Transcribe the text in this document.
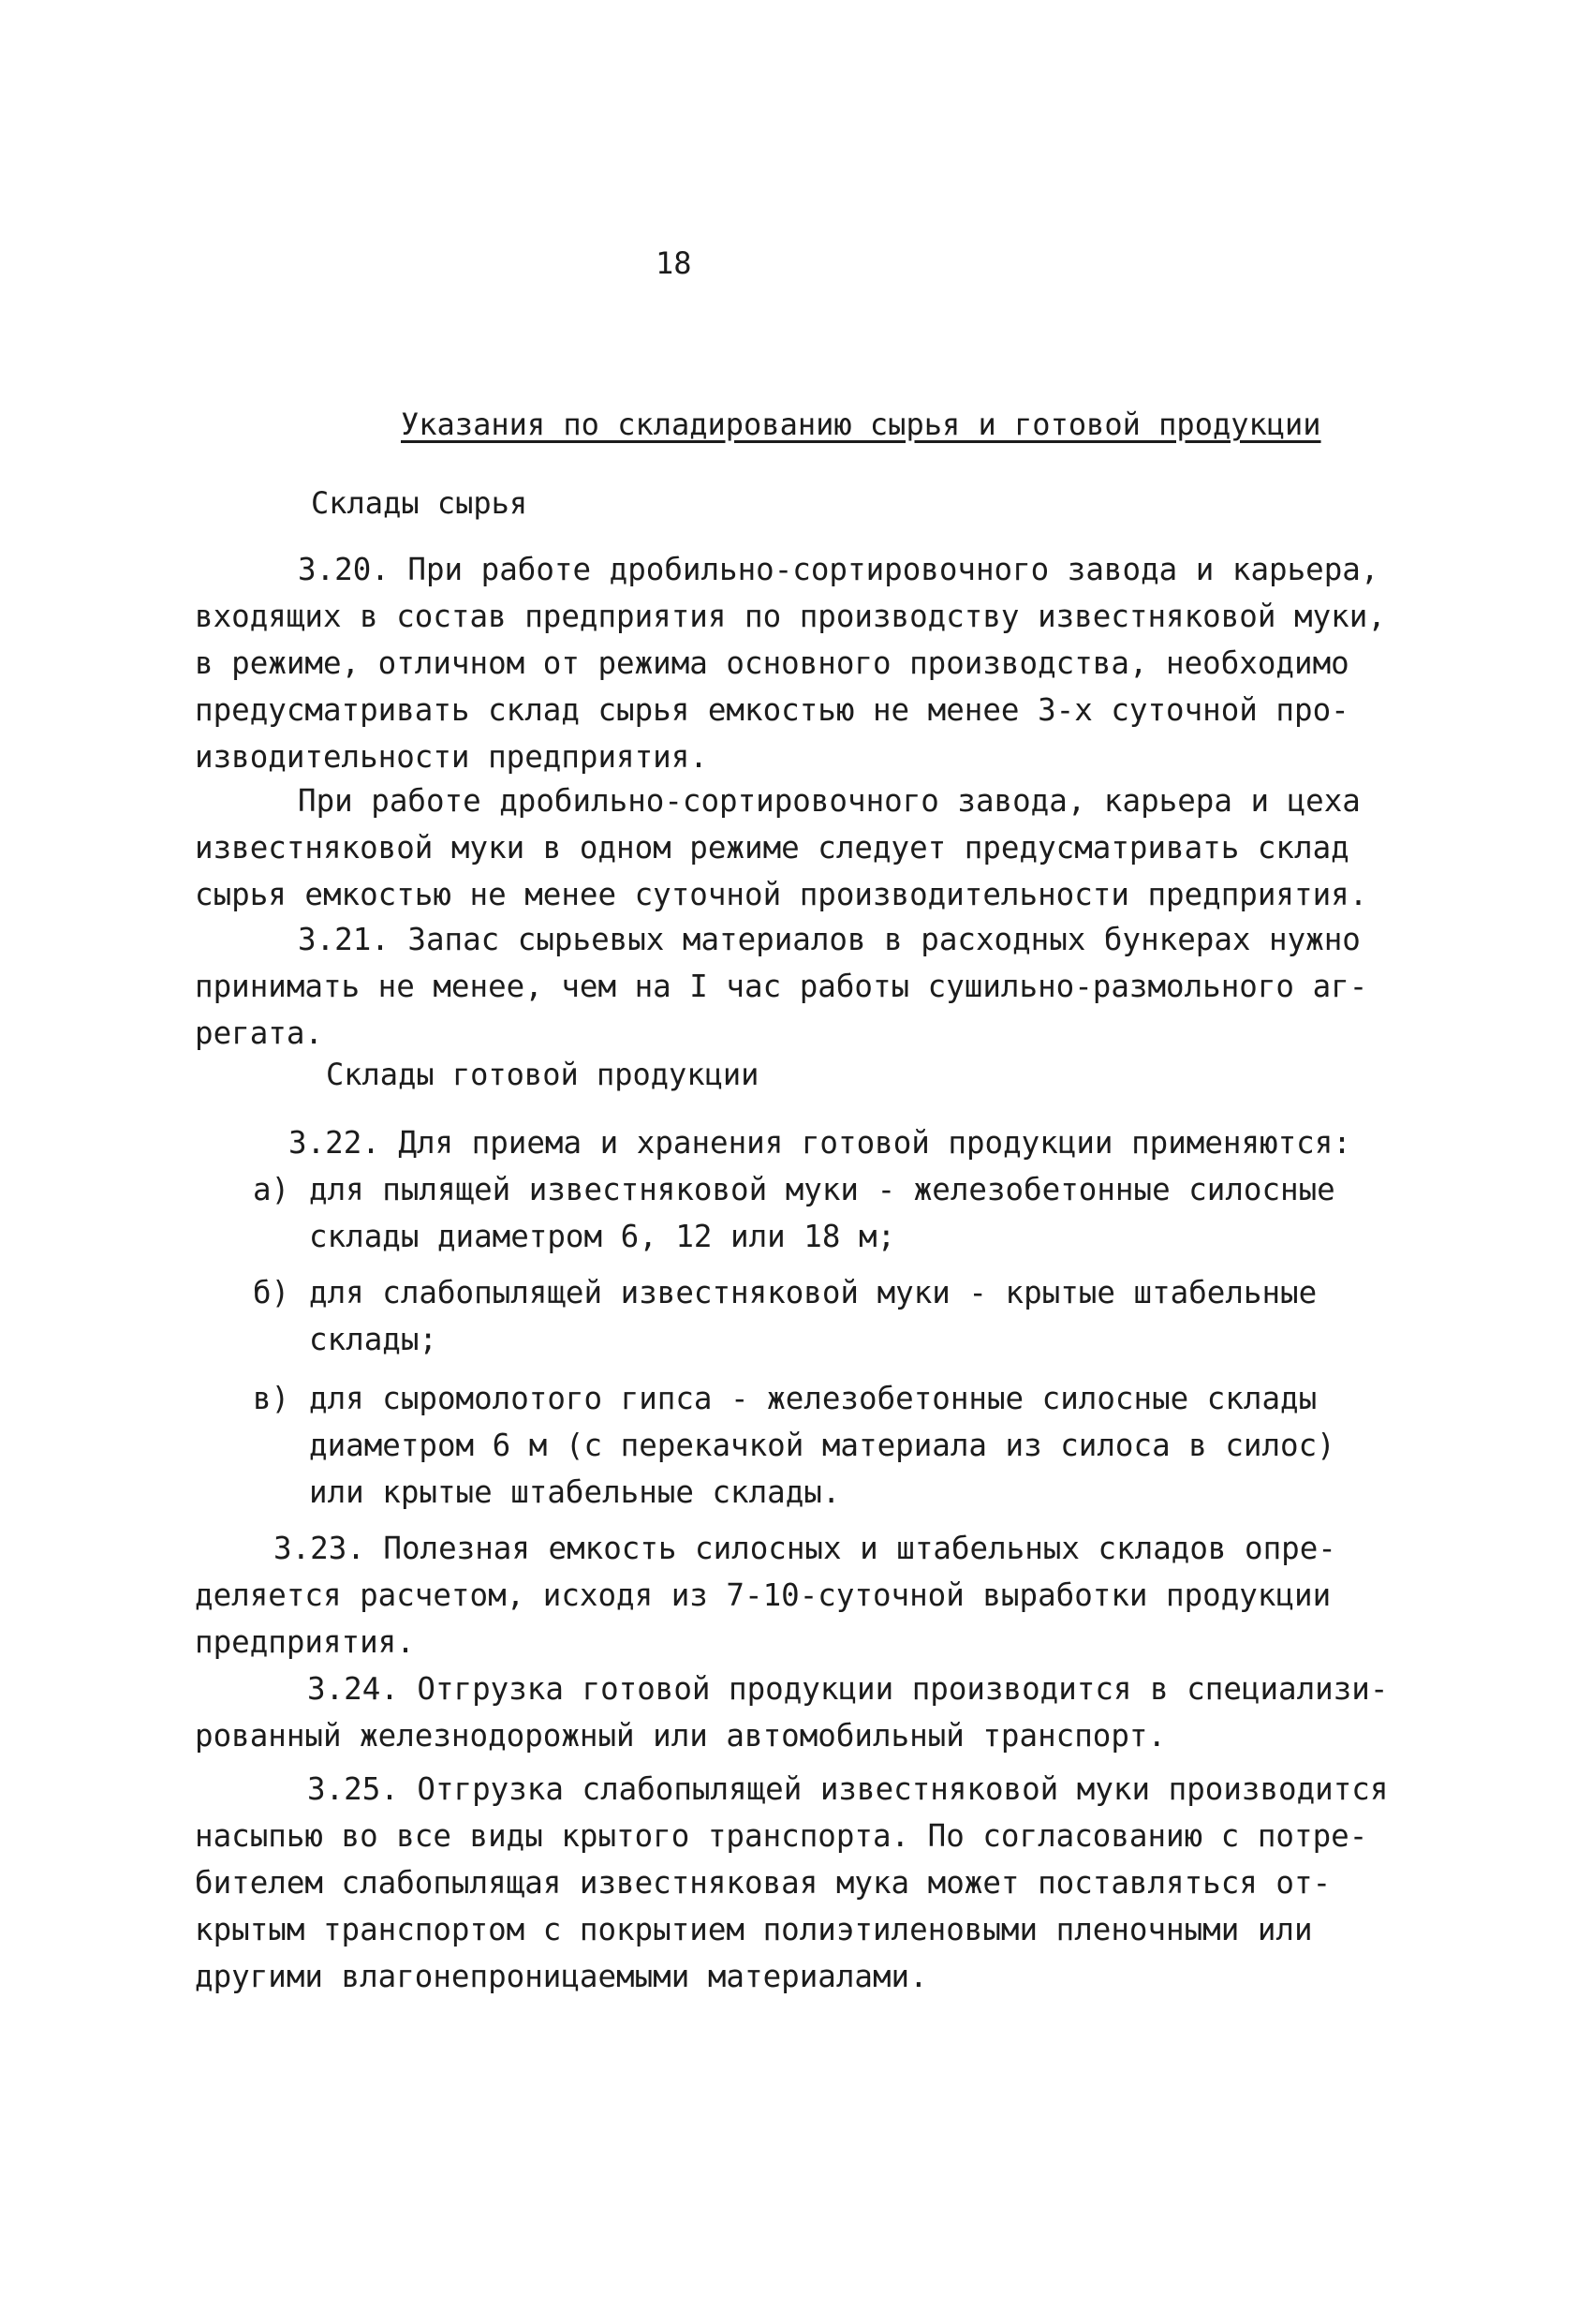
18
Указания по складированию сырья и готовой продукции
Склады сырья
3.20. При работе дробильно-сортировочного завода и карьера,
входящих в состав предприятия по производству известняковой муки,
в режиме, отличном от режима основного производства, необходимо
предусматривать склад сырья емкостью не менее 3-х суточной про-
изводительности предприятия.
При работе дробильно-сортировочного завода, карьера и цеха
известняковой муки в одном режиме следует предусматривать склад
сырья емкостью не менее суточной производительности предприятия.
3.21. Запас сырьевых материалов в расходных бункерах нужно
принимать не менее, чем на I час работы сушильно-размольного аг-
регата.
Склады готовой продукции
3.22. Для приема и хранения готовой продукции применяются:
а) для пылящей известняковой муки - железобетонные силосные
склады диаметром 6, 12 или 18 м;
б) для слабопылящей известняковой муки - крытые штабельные
склады;
в) для сыромолотого гипса - железобетонные силосные склады
диаметром 6 м (с перекачкой материала из силоса в силос)
или крытые штабельные склады.
3.23. Полезная емкость силосных и штабельных складов опре-
деляется расчетом, исходя из 7-10-суточной выработки продукции
предприятия.
3.24. Отгрузка готовой продукции производится в специализи-
рованный железнодорожный или автомобильный транспорт.
3.25. Отгрузка слабопылящей известняковой муки производится
насыпью во все виды крытого транспорта. По согласованию с потре-
бителем слабопылящая известняковая мука может поставляться от-
крытым транспортом с покрытием полиэтиленовыми пленочными или
другими влагонепроницаемыми материалами.
